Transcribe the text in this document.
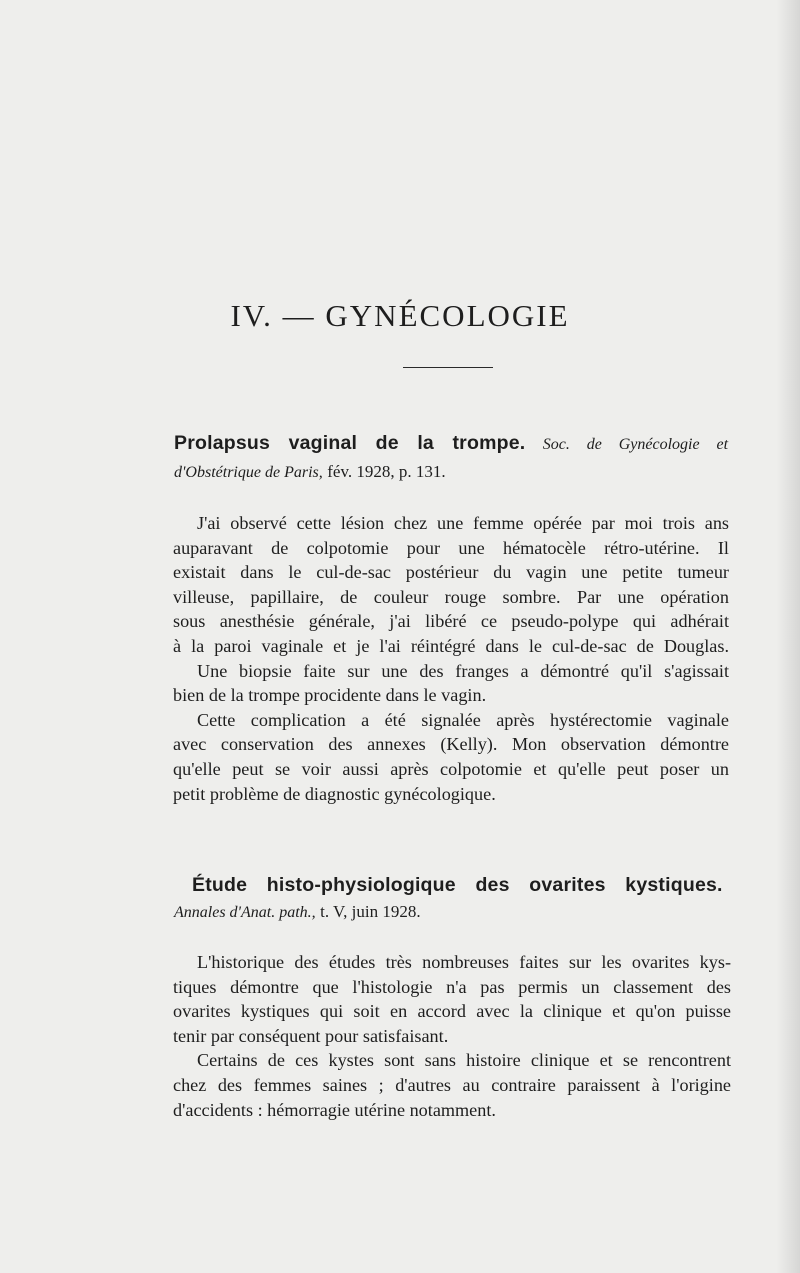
IV. — GYNÉCOLOGIE
Prolapsus vaginal de la trompe. Soc. de Gynécologie et
d'Obstétrique de Paris, fév. 1928, p. 131.
J'ai observé cette lésion chez une femme opérée par moi trois ans
auparavant de colpotomie pour une hématocèle rétro-utérine. Il
existait dans le cul-de-sac postérieur du vagin une petite tumeur
villeuse, papillaire, de couleur rouge sombre. Par une opération
sous anesthésie générale, j'ai libéré ce pseudo-polype qui adhérait
à la paroi vaginale et je l'ai réintégré dans le cul-de-sac de Douglas.
Une biopsie faite sur une des franges a démontré qu'il s'agissait
bien de la trompe procidente dans le vagin.
Cette complication a été signalée après hystérectomie vaginale
avec conservation des annexes (Kelly). Mon observation démontre
qu'elle peut se voir aussi après colpotomie et qu'elle peut poser un
petit problème de diagnostic gynécologique.
Étude histo-physiologique des ovarites kystiques.
Annales d'Anat. path., t. V, juin 1928.
L'historique des études très nombreuses faites sur les ovarites kys-
tiques démontre que l'histologie n'a pas permis un classement des
ovarites kystiques qui soit en accord avec la clinique et qu'on puisse
tenir par conséquent pour satisfaisant.
Certains de ces kystes sont sans histoire clinique et se rencontrent
chez des femmes saines ; d'autres au contraire paraissent à l'origine
d'accidents : hémorragie utérine notamment.
